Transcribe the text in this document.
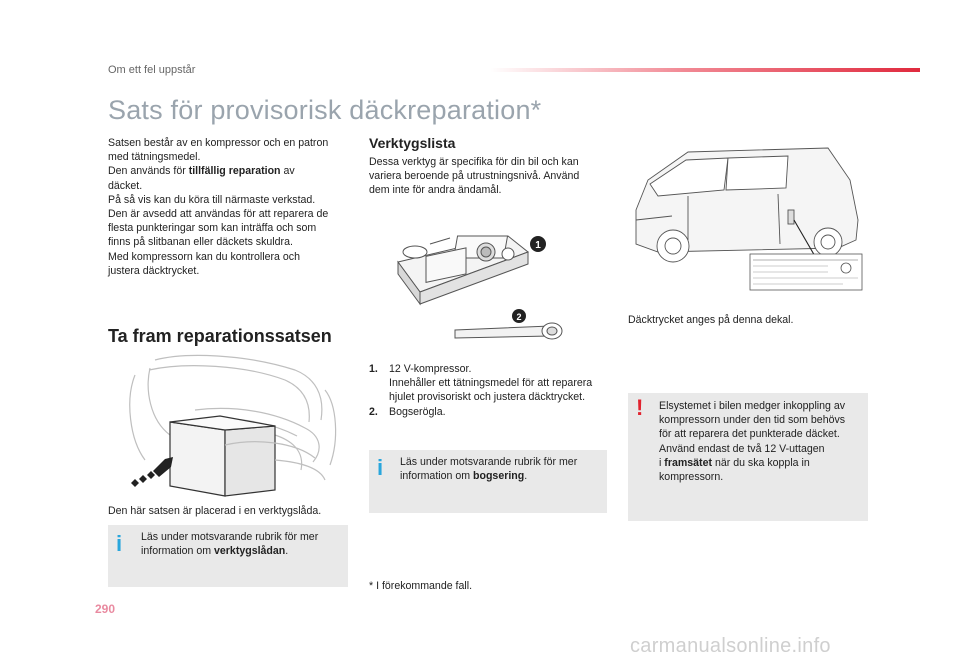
Om ett fel uppstår
Sats för provisorisk däckreparation*

Satsen består av en kompressor och en patron

med tätningsmedel.

Den används för tillfällig reparation av

däcket.

På så vis kan du köra till närmaste verkstad.

Den är avsedd att användas för att reparera de

flesta punkteringar som kan inträffa och som

finns på slitbanan eller däckets skuldra.

Med kompressorn kan du kontrollera och

justera däcktrycket.

Ta fram reparationssatsen
Den här satsen är placerad i en verktygslåda.
i Läs under motsvarande rubrik för mer

information om verktygslådan.

Verktygslista

Dessa verktyg är specifika för din bil och kan

variera beroende på utrustningsnivå. Använd

dem inte för andra ändamål.

1
2
1.	12 V-kompressor.

Innehåller ett tätningsmedel för att reparera

hjulet provisoriskt och justera däcktrycket.

2.	Bogserögla.
i Läs under motsvarande rubrik för mer

information om bogsering.

* I förekommande fall.
Däcktrycket anges på denna dekal.
! Elsystemet i bilen medger inkoppling av

kompressorn under den tid som behövs

för att reparera det punkterade däcket.

Använd endast de två 12 V-uttagen

i framsätet när du ska koppla in

kompressorn.

290
carmanualsonline.info
